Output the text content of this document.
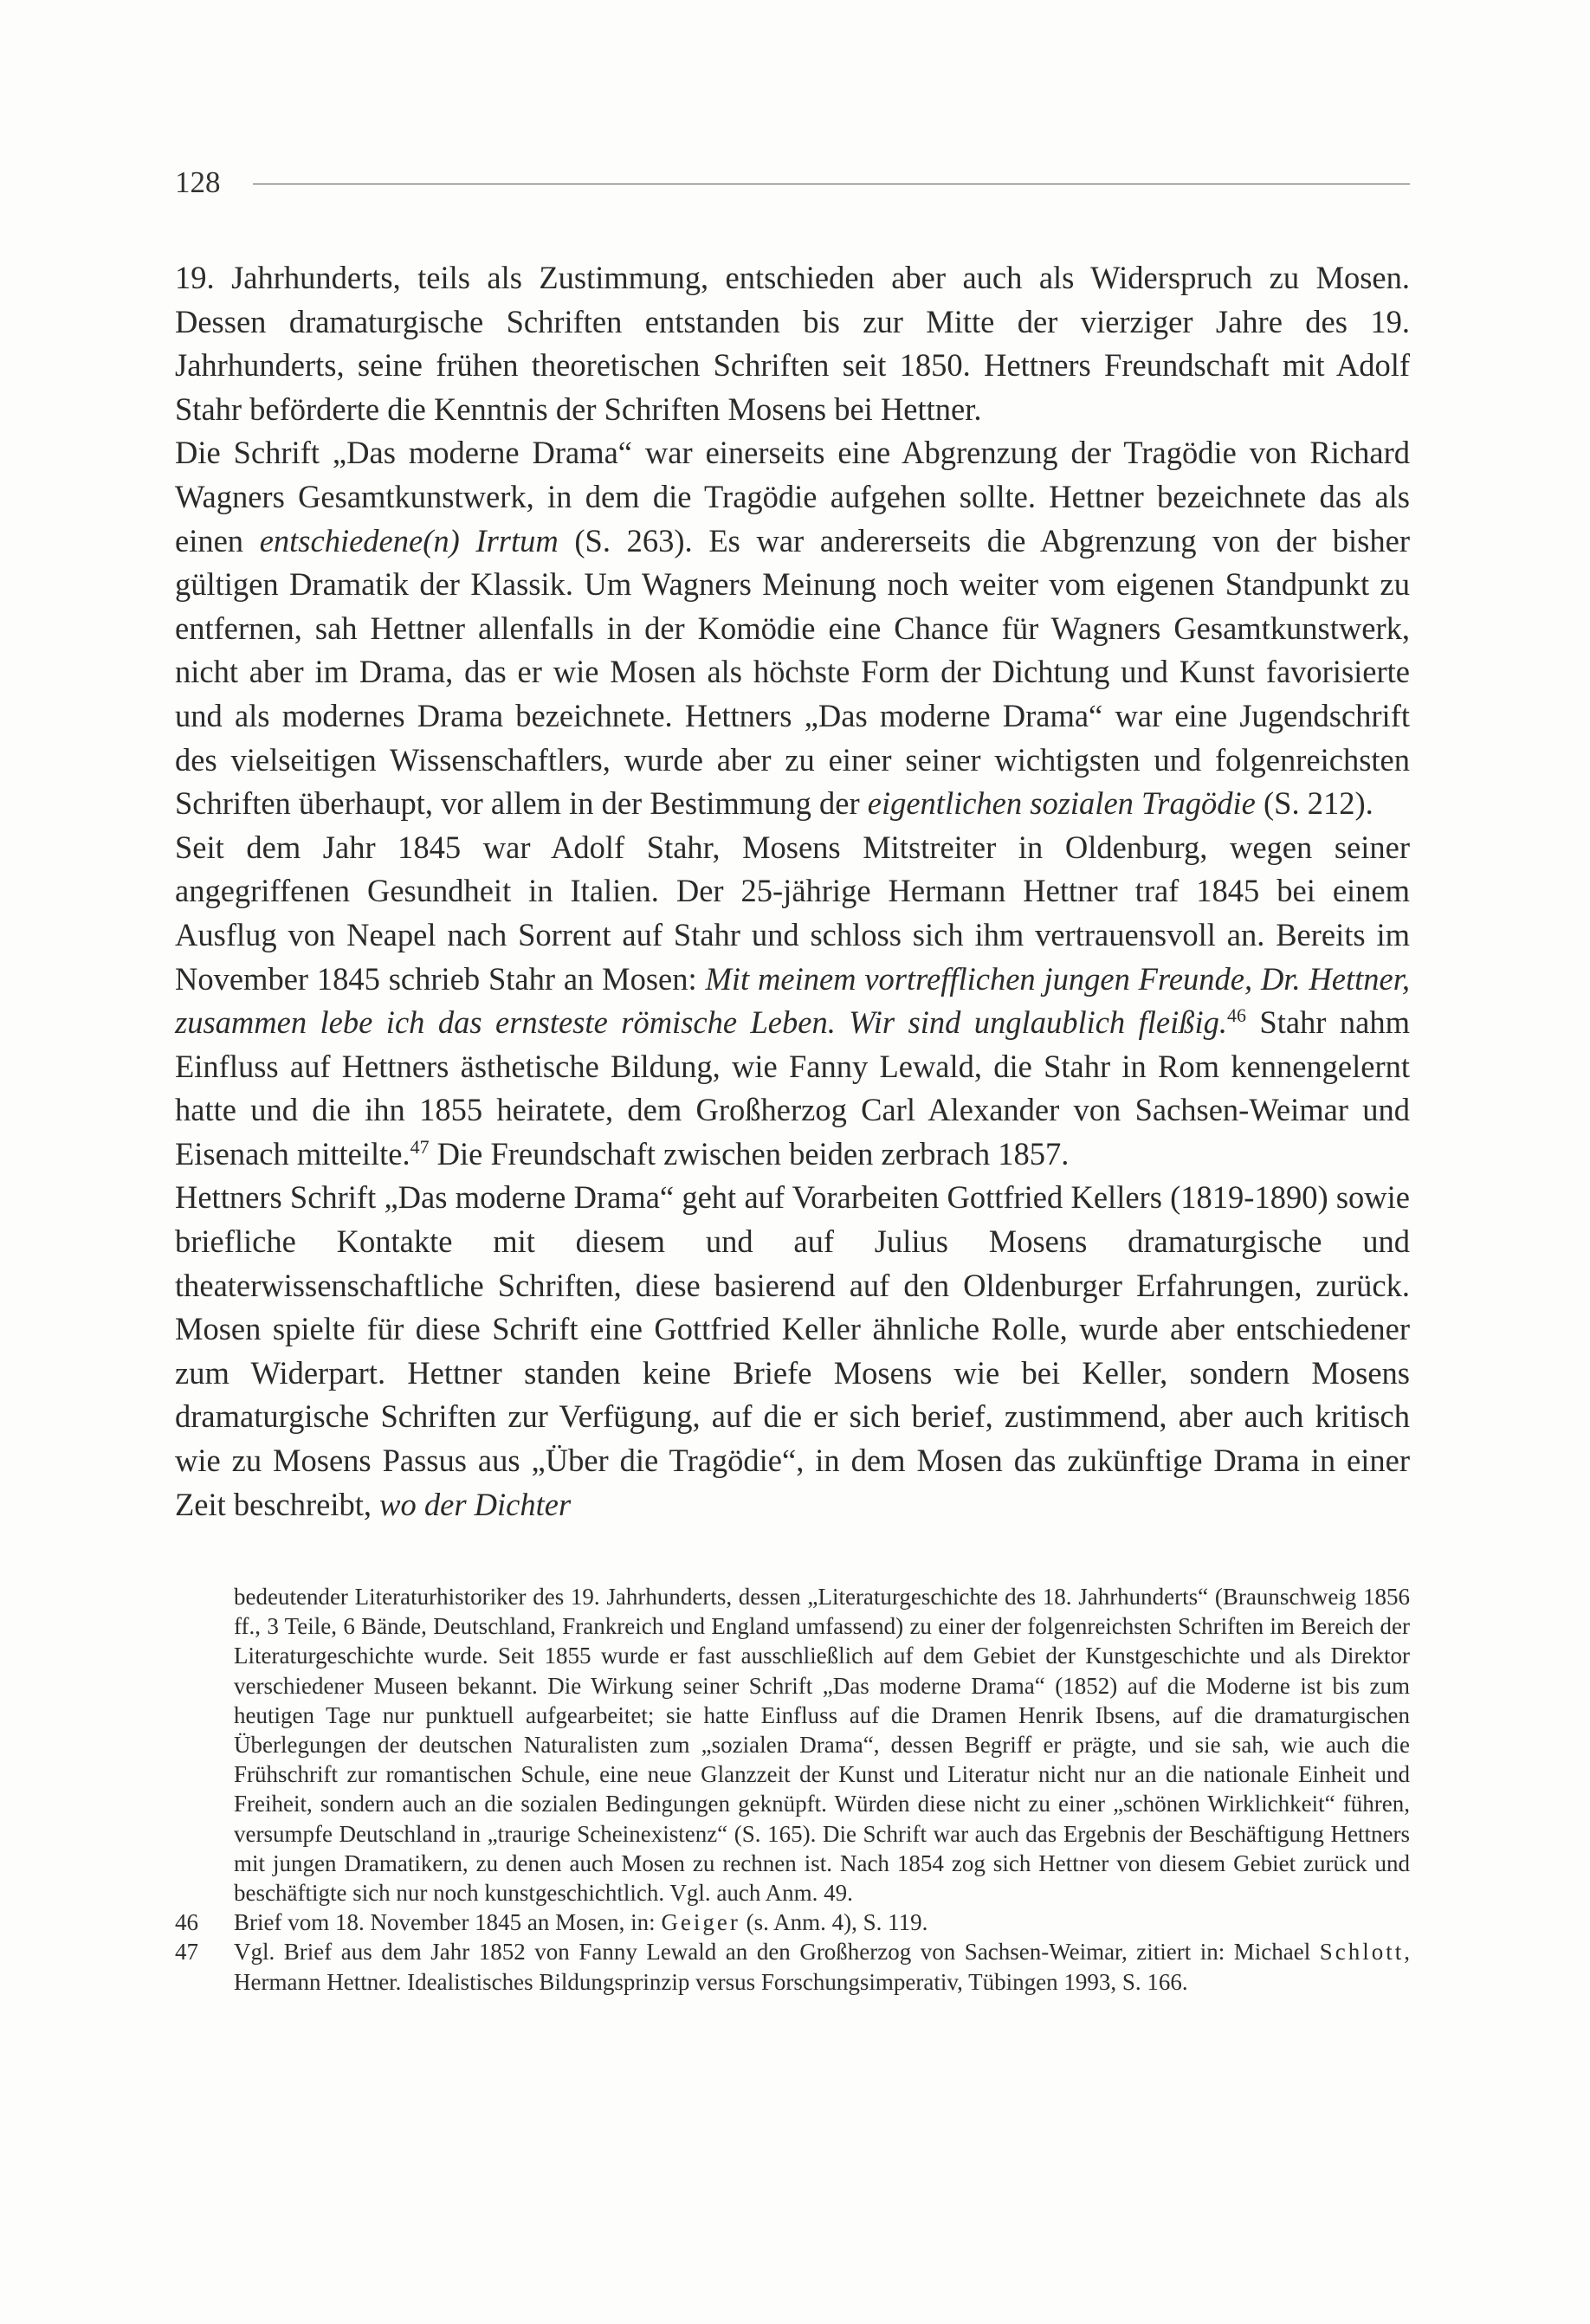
128

19. Jahrhunderts, teils als Zustimmung, entschieden aber auch als Widerspruch zu Mosen. Dessen dramaturgische Schriften entstanden bis zur Mitte der vierziger Jahre des 19. Jahrhunderts, seine frühen theoretischen Schriften seit 1850. Hettners Freundschaft mit Adolf Stahr beförderte die Kenntnis der Schriften Mosens bei Hettner.

Die Schrift „Das moderne Drama“ war einerseits eine Abgrenzung der Tragödie von Richard Wagners Gesamtkunstwerk, in dem die Tragödie aufgehen sollte. Hettner bezeichnete das als einen entschiedene(n) Irrtum (S. 263). Es war andererseits die Abgrenzung von der bisher gültigen Dramatik der Klassik. Um Wagners Meinung noch weiter vom eigenen Standpunkt zu entfernen, sah Hettner allenfalls in der Komödie eine Chance für Wagners Gesamtkunstwerk, nicht aber im Drama, das er wie Mosen als höchste Form der Dichtung und Kunst favorisierte und als modernes Drama bezeichnete. Hettners „Das moderne Drama“ war eine Jugendschrift des vielseitigen Wissenschaftlers, wurde aber zu einer seiner wichtigsten und folgenreichsten Schriften überhaupt, vor allem in der Bestimmung der eigentlichen sozialen Tragödie (S. 212).

Seit dem Jahr 1845 war Adolf Stahr, Mosens Mitstreiter in Oldenburg, wegen seiner angegriffenen Gesundheit in Italien. Der 25-jährige Hermann Hettner traf 1845 bei einem Ausflug von Neapel nach Sorrent auf Stahr und schloss sich ihm vertrauensvoll an. Bereits im November 1845 schrieb Stahr an Mosen: Mit meinem vortrefflichen jungen Freunde, Dr. Hettner, zusammen lebe ich das ernsteste römische Leben. Wir sind unglaublich fleißig.$^{46}$ Stahr nahm Einfluss auf Hettners ästhetische Bildung, wie Fanny Lewald, die Stahr in Rom kennengelernt hatte und die ihn 1855 heiratete, dem Großherzog Carl Alexander von Sachsen-Weimar und Eisenach mitteilte.$^{47}$ Die Freundschaft zwischen beiden zerbrach 1857.

Hettners Schrift „Das moderne Drama“ geht auf Vorarbeiten Gottfried Kellers (1819-1890) sowie briefliche Kontakte mit diesem und auf Julius Mosens dramaturgische und theaterwissenschaftliche Schriften, diese basierend auf den Oldenburger Erfahrungen, zurück. Mosen spielte für diese Schrift eine Gottfried Keller ähnliche Rolle, wurde aber entschiedener zum Widerpart. Hettner standen keine Briefe Mosens wie bei Keller, sondern Mosens dramaturgische Schriften zur Verfügung, auf die er sich berief, zustimmend, aber auch kritisch wie zu Mosens Passus aus „Über die Tragödie“, in dem Mosen das zukünftige Drama in einer Zeit beschreibt, wo der Dichter

bedeutender Literaturhistoriker des 19. Jahrhunderts, dessen „Literaturgeschichte des 18. Jahrhunderts“ (Braunschweig 1856 ff., 3 Teile, 6 Bände, Deutschland, Frankreich und England umfassend) zu einer der folgenreichsten Schriften im Bereich der Literaturgeschichte wurde. Seit 1855 wurde er fast ausschließlich auf dem Gebiet der Kunstgeschichte und als Direktor verschiedener Museen bekannt. Die Wirkung seiner Schrift „Das moderne Drama“ (1852) auf die Moderne ist bis zum heutigen Tage nur punktuell aufgearbeitet; sie hatte Einfluss auf die Dramen Henrik Ibsens, auf die dramaturgischen Überlegungen der deutschen Naturalisten zum „sozialen Drama“, dessen Begriff er prägte, und sie sah, wie auch die Frühschrift zur romantischen Schule, eine neue Glanzzeit der Kunst und Literatur nicht nur an die nationale Einheit und Freiheit, sondern auch an die sozialen Bedingungen geknüpft. Würden diese nicht zu einer „schönen Wirklichkeit“ führen, versumpfe Deutschland in „traurige Scheinexistenz“ (S. 165). Die Schrift war auch das Ergebnis der Beschäftigung Hettners mit jungen Dramatikern, zu denen auch Mosen zu rechnen ist. Nach 1854 zog sich Hettner von diesem Gebiet zurück und beschäftigte sich nur noch kunstgeschichtlich. Vgl. auch Anm. 49.

46 Brief vom 18. November 1845 an Mosen, in: Geiger (s. Anm. 4), S. 119.

47 Vgl. Brief aus dem Jahr 1852 von Fanny Lewald an den Großherzog von Sachsen-Weimar, zitiert in: Michael Schlott, Hermann Hettner. Idealistisches Bildungsprinzip versus Forschungsimperativ, Tübingen 1993, S. 166.
